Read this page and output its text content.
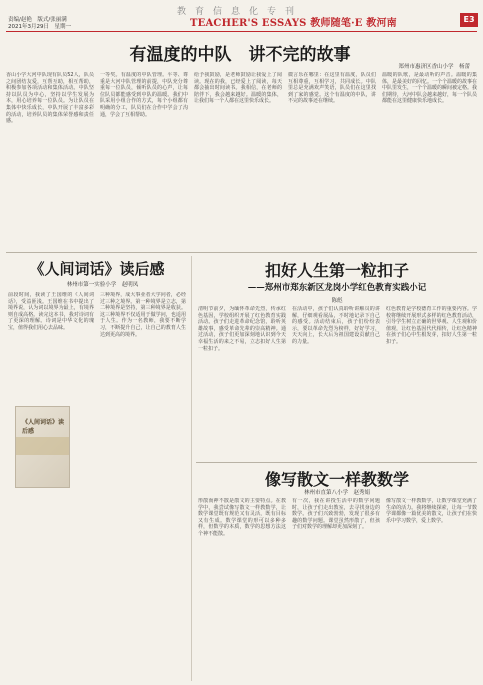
教育信息化专刊
责编/赵艳　版式/张丽满
2021年3月29日　星期一	TEACHER'S ESSAYS 教师随笔·E 教河南	E3
有温度的中队　讲不完的故事
郑州市惠济区香山小学　杨蕾
香山小学大河中队现有队员52人，队员之间团结友爱，互帮互助，相互帮助，积极参加各项活动和集体活动。中队坚持以队员为中心，坚持以学生发展为本，用心培养每一位队员。为让队员在集体中快乐成长，中队开展了丰富多彩的活动，培养队员的集体荣誉感和责任感。
一等奖。有温度的中队管理。平等、尊重是大河中队管理的前提，中队充分尊重每一位队员，倾听队员的心声，让每位队员都能感受到中队的温暖。我们中队采用小组合作的方式，每个小组都有明确的分工，队员们在合作中学会了沟通，学会了互相帮助。
给予我鼓励，是老师鼓励让我爱上了阅读。现在的我，已经爱上了阅读，每天都会抽出时间读书。我相信，在老师的陪伴下，我会越来越好。温暖的集体，让我们每一个人都在这里快乐成长。
微言乐在哪里：在这里有温度，队员们互相尊重，互相学习，共同成长。中队里总是充满欢声笑语，队员们在这里找到了家的感觉。这个有温度的中队，讲不完的故事还在继续。
温暖的队歌，是最动听的声音。温暖的集体，是最美好的回忆。一个个温暖的故事在中队里发生，一个个温暖的瞬间被定格。我们期待，大河中队会越来越好，每一个队员都能在这里健康快乐地成长。
《人间词话》读后感
林州市第一实验小学　赵明凤
前段时间，我读了王国维的《人间词话》，受益匪浅。王国维在书中提出了境界说，认为词以境界为最上，有境界则自成高格。读完这本书，我对诗词有了更深的理解。诗词是中华文化的瑰宝，值得我们用心去品味。
三种境界，成大事业者大学问者，必经过三种之境界。第一种境界是立志，第二种境界是坚持，第三种境界是收获。这三种境界不仅适用于做学问，也适用于人生。作为一名教师，我要不断学习，不断提升自己，让自己的教育人生达到更高的境界。
《人间词话》读后感
扣好人生第一粒扣子
——郑州市郑东新区龙岗小学红色教育实践小记
陈彪
清明节前夕，为缅怀革命先烈，传承红色基因，学校组织开展了红色教育实践活动。孩子们走进革命纪念馆，聆听英雄故事，感受革命先辈的崇高精神。通过活动，孩子们更加深刻地认识到今天幸福生活的来之不易，立志扣好人生第一粒扣子。
在活动中，孩子们认真聆听讲解员的讲解，仔细观看展品，不时地记录下自己的感受。活动结束后，孩子们纷纷表示，要以革命先烈为榜样，好好学习，天天向上，长大后为祖国建设贡献自己的力量。
红色教育是学校德育工作的重要内容。学校将继续开展形式多样的红色教育活动，引导学生树立正确的世界观、人生观和价值观，让红色基因代代相传，让红色精神在孩子们心中生根发芽，扣好人生第一粒扣子。
像写散文一样教数学
林州市直第八小学　赵秀娟
形散而神不散是散文的主要特点。在教学中，我尝试像写散文一样教数学，让数学课堂既有规范又有灵活，既有目标又有生成。数学课堂的形可以多种多样，但数学的本质，数学的思想方法这个神不能散。
有一次，我在讲授生活中的数学问题时，让孩子们走出教室，去寻找身边的数学。孩子们兴致勃勃，发现了很多有趣的数学问题。课堂虽然形散了，但孩子们对数学的理解却更加深刻了。
像写散文一样教数学，让数学课堂充满了生命的活力。我将继续探索，让每一节数学课都像一篇优美的散文，让孩子们在快乐中学习数学，爱上数学。
